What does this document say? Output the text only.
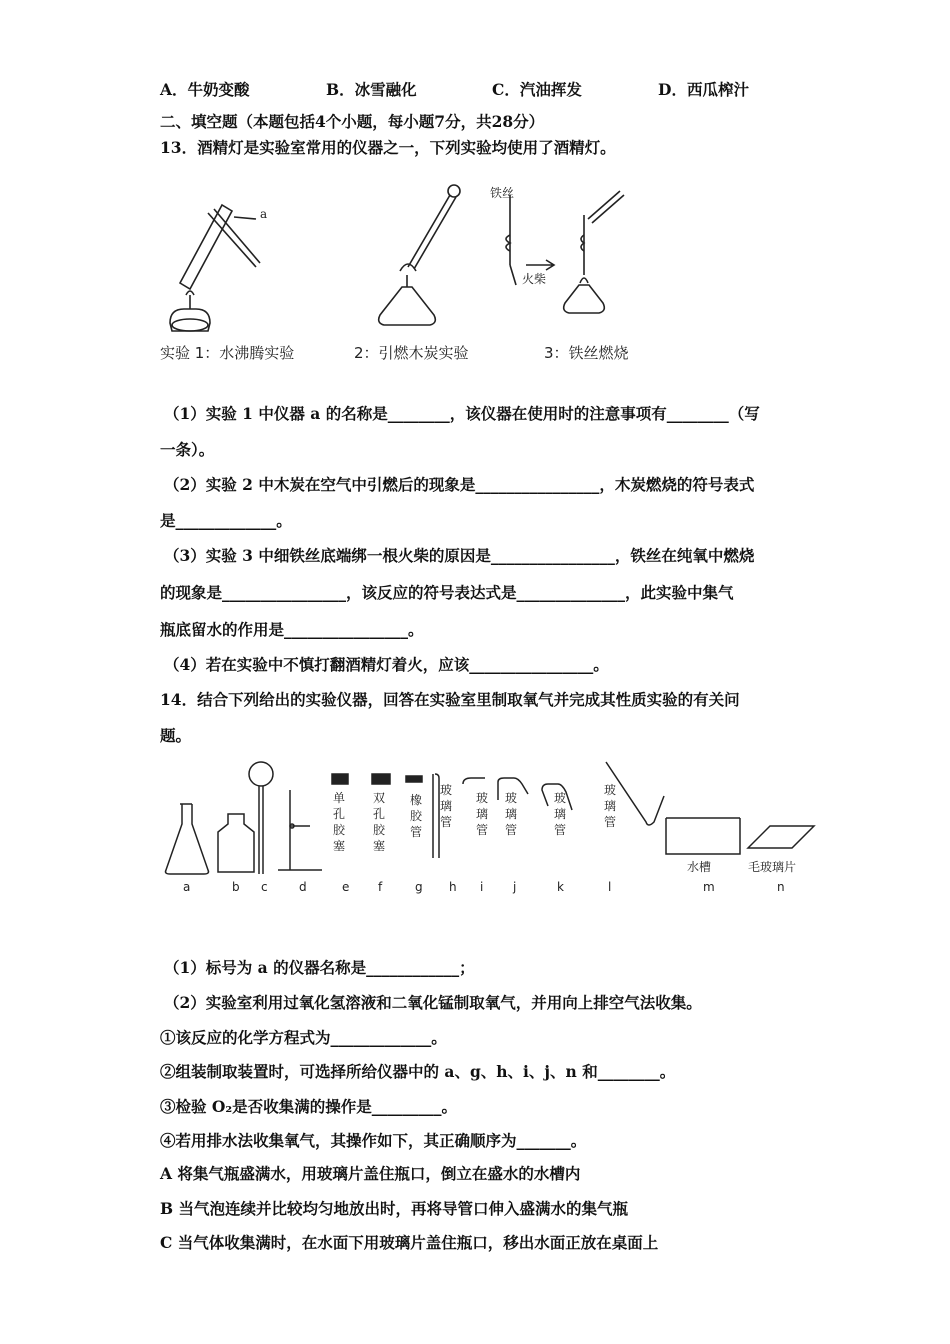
A．牛奶变酸	B．冰雪融化	C．汽油挥发	D．西瓜榨汁
二、填空题（本题包括4个小题，每小题7分，共28分）
13．酒精灯是实验室常用的仪器之一，下列实验均使用了酒精灯。
a
铁丝
火柴
实验 1：水沸腾实验	2：引燃木炭实验	3：铁丝燃烧
（1）实验 1 中仪器 a 的名称是________，该仪器在使用时的注意事项有________（写
一条）。
（2）实验 2 中木炭在空气中引燃后的现象是________________，木炭燃烧的符号表式
是_____________。
（3）实验 3 中细铁丝底端绑一根火柴的原因是________________，铁丝在纯氧中燃烧
的现象是________________，该反应的符号表达式是______________，此实验中集气
瓶底留水的作用是________________。
（4）若在实验中不慎打翻酒精灯着火，应该________________。
14．结合下列给出的实验仪器，回答在实验室里制取氧气并完成其性质实验的有关问
题。
单孔胶塞
双孔胶塞
橡胶管
玻璃管
玻璃管
玻璃管
玻璃管
玻璃管
水槽	毛玻璃片
a	b c	d	e f	g h i j	k	l	m	n
（1）标号为 a 的仪器名称是____________；
（2）实验室利用过氧化氢溶液和二氧化锰制取氧气，并用向上排空气法收集。
①该反应的化学方程式为_____________。
②组装制取装置时，可选择所给仪器中的 a、g、h、i、j、n 和________。
③检验 O₂是否收集满的操作是_________。
④若用排水法收集氧气，其操作如下，其正确顺序为_______。
A 将集气瓶盛满水，用玻璃片盖住瓶口，倒立在盛水的水槽内
B 当气泡连续并比较均匀地放出时，再将导管口伸入盛满水的集气瓶
C 当气体收集满时，在水面下用玻璃片盖住瓶口，移出水面正放在桌面上
